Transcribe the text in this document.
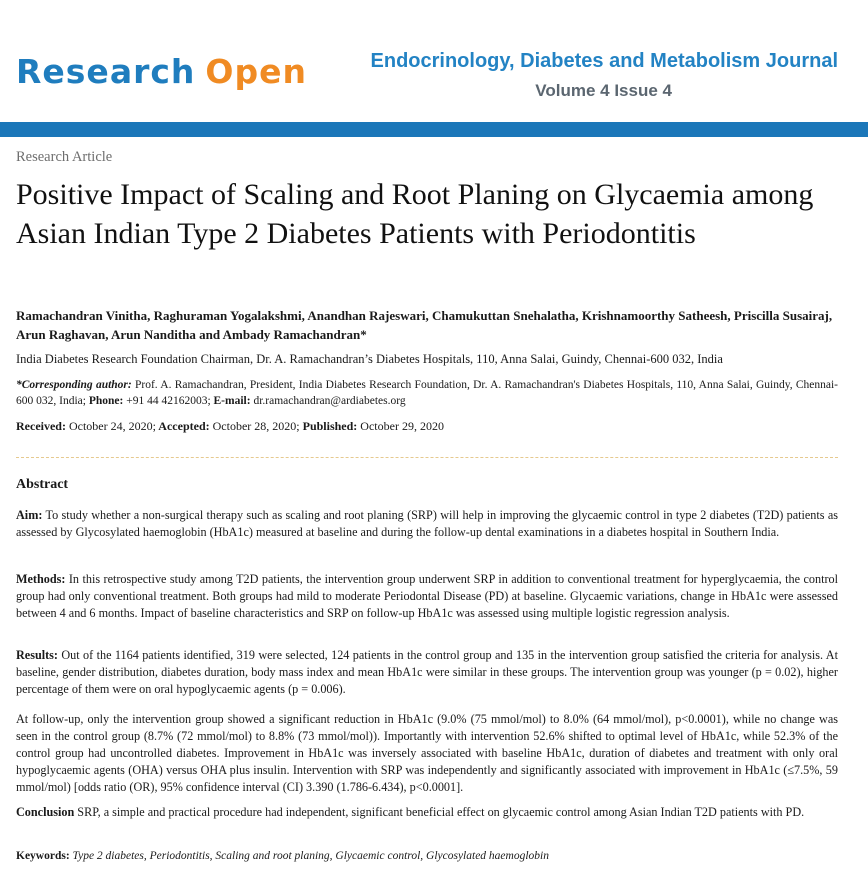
Research Open	Endocrinology, Diabetes and Metabolism Journal
Volume 4 Issue 4
Research Article
Positive Impact of Scaling and Root Planing on Glycaemia among Asian Indian Type 2 Diabetes Patients with Periodontitis
Ramachandran Vinitha, Raghuraman Yogalakshmi, Anandhan Rajeswari, Chamukuttan Snehalatha, Krishnamoorthy Satheesh, Priscilla Susairaj, Arun Raghavan, Arun Nanditha and Ambady Ramachandran*
India Diabetes Research Foundation Chairman, Dr. A. Ramachandran’s Diabetes Hospitals, 110, Anna Salai, Guindy, Chennai-600 032, India
*Corresponding author: Prof. A. Ramachandran, President, India Diabetes Research Foundation, Dr. A. Ramachandran's Diabetes Hospitals, 110, Anna Salai, Guindy, Chennai-600 032, India; Phone: +91 44 42162003; E-mail: dr.ramachandran@ardiabetes.org
Received: October 24, 2020; Accepted: October 28, 2020; Published: October 29, 2020
Abstract

Aim: To study whether a non-surgical therapy such as scaling and root planing (SRP) will help in improving the glycaemic control in type 2 diabetes (T2D) patients as assessed by Glycosylated haemoglobin (HbA1c) measured at baseline and during the follow-up dental examinations in a diabetes hospital in Southern India.

Methods: In this retrospective study among T2D patients, the intervention group underwent SRP in addition to conventional treatment for hyperglycaemia, the control group had only conventional treatment. Both groups had mild to moderate Periodontal Disease (PD) at baseline. Glycaemic variations, change in HbA1c were assessed between 4 and 6 months. Impact of baseline characteristics and SRP on follow-up HbA1c was assessed using multiple logistic regression analysis.

Results: Out of the 1164 patients identified, 319 were selected, 124 patients in the control group and 135 in the intervention group satisfied the criteria for analysis. At baseline, gender distribution, diabetes duration, body mass index and mean HbA1c were similar in these groups. The intervention group was younger (p = 0.02), higher percentage of them were on oral hypoglycaemic agents (p = 0.006).

At follow-up, only the intervention group showed a significant reduction in HbA1c (9.0% (75 mmol/mol) to 8.0% (64 mmol/mol), p<0.0001), while no change was seen in the control group (8.7% (72 mmol/mol) to 8.8% (73 mmol/mol)). Importantly with intervention 52.6% shifted to optimal level of HbA1c, while 52.3% of the control group had uncontrolled diabetes. Improvement in HbA1c was inversely associated with baseline HbA1c, duration of diabetes and treatment with only oral hypoglycaemic agents (OHA) versus OHA plus insulin. Intervention with SRP was independently and significantly associated with improvement in HbA1c (≤7.5%, 59 mmol/mol) [odds ratio (OR), 95% confidence interval (CI) 3.390 (1.786-6.434), p<0.0001].

Conclusion SRP, a simple and practical procedure had independent, significant beneficial effect on glycaemic control among Asian Indian T2D patients with PD.

Keywords: Type 2 diabetes, Periodontitis, Scaling and root planing, Glycaemic control, Glycosylated haemoglobin
